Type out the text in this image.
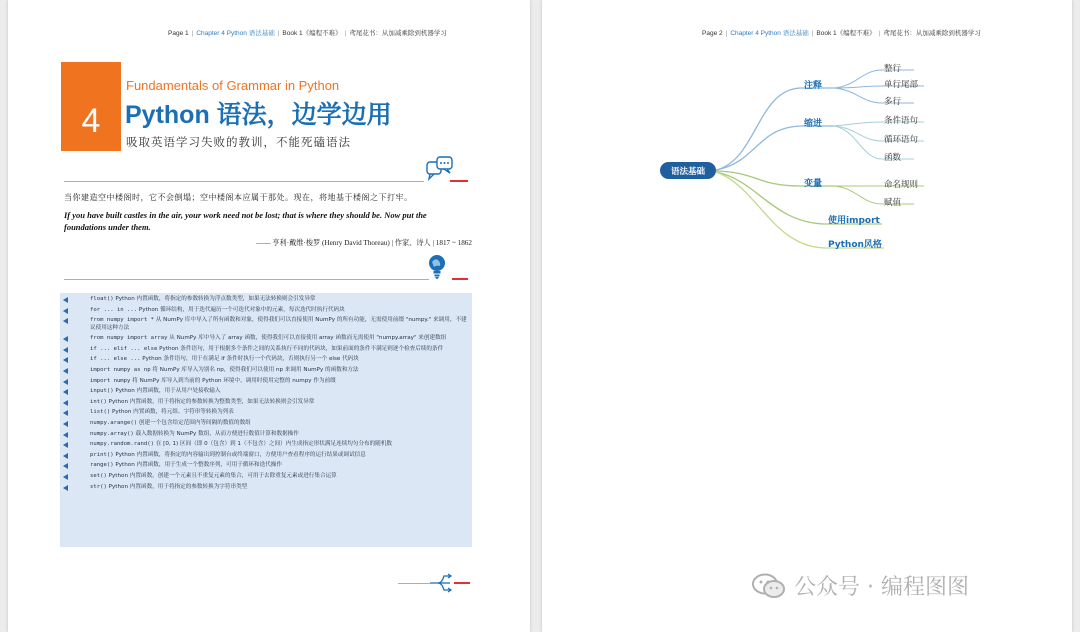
Page 1 | Chapter 4 Python 语法基础 | Book 1《编程不难》 | 鸢尾花书：从加减乘除到机器学习
4
Fundamentals of Grammar in Python
Python 语法，边学边用
吸取英语学习失败的教训，不能死磕语法
当你建造空中楼阁时，它不会倒塌；空中楼阁本应属于那处。现在，将地基于楼阁之下打牢。
If you have built castles in the air, your work need not be lost; that is where they should be. Now put the foundations under them.
—— 亨利·戴维·梭罗 (Henry David Thoreau) | 作家、诗人 | 1817 ~ 1862
float() Python 内置函数，将指定的参数转换为浮点数类型，如果无法转换则会引发异常
for ... in ... Python 循环结构，用于迭代遍历一个可迭代对象中的元素，每次迭代时执行代码块
from numpy import * 从 NumPy 库中导入了所有函数和对象，使得我们可以直接使用 NumPy 的所有功能，无需使用前缀 "numpy." 来调用，不建议使用这种方法
from numpy import array 从 NumPy 库中导入了 array 函数，使得我们可以直接使用 array 函数而无需使用 "numpy.array" 来创建数组
if ... elif ... else Python 条件语句，用于根据多个条件之间的关系执行不同的代码块，如果前面的条件不满足则逐个检查后续的条件
if ... else ... Python 条件语句，用于在满足 if 条件时执行一个代码块，否则执行另一个 else 代码块
import numpy as np 将 NumPy 库导入为别名 np，使得我们可以使用 np 来调用 NumPy 的函数和方法
import numpy 将 NumPy 库导入到当前的 Python 环境中，调用时使用完整的 numpy 作为前缀
input() Python 内置函数，用于从用户处接收输入
int() Python 内置函数，用于将指定的参数转换为整数类型，如果无法转换则会引发异常
list() Python 内置函数，将元组、字符串等转换为列表
numpy.arange() 创建一个包含给定范围内等间隔的数值的数组
numpy.array() 载入数据转换为 NumPy 数组，从而方便进行数值计算和数据操作
numpy.random.rand() 在 [0, 1) 区间（即 0（包含）到 1（不包含）之间）内生成指定形状满足连续均匀分布的随机数
print() Python 内置函数，将指定的内容输出到控制台或终端窗口，方便用户查看程序的运行结果或调试信息
range() Python 内置函数，用于生成一个整数序列，可用于循环和迭代操作
set() Python 内置函数，创建一个元素且不重复元素的集合，可用于去除重复元素或进行集合运算
str() Python 内置函数，用于将指定的参数转换为字符串类型
Page 2 | Chapter 4 Python 语法基础 | Book 1《编程不难》 | 鸢尾花书：从加减乘除到机器学习
语法基础
注释
缩进
变量
使用import
Python风格
整行
单行尾部
多行
条件语句
循环语句
函数
命名规则
赋值
公众号 · 编程图图
